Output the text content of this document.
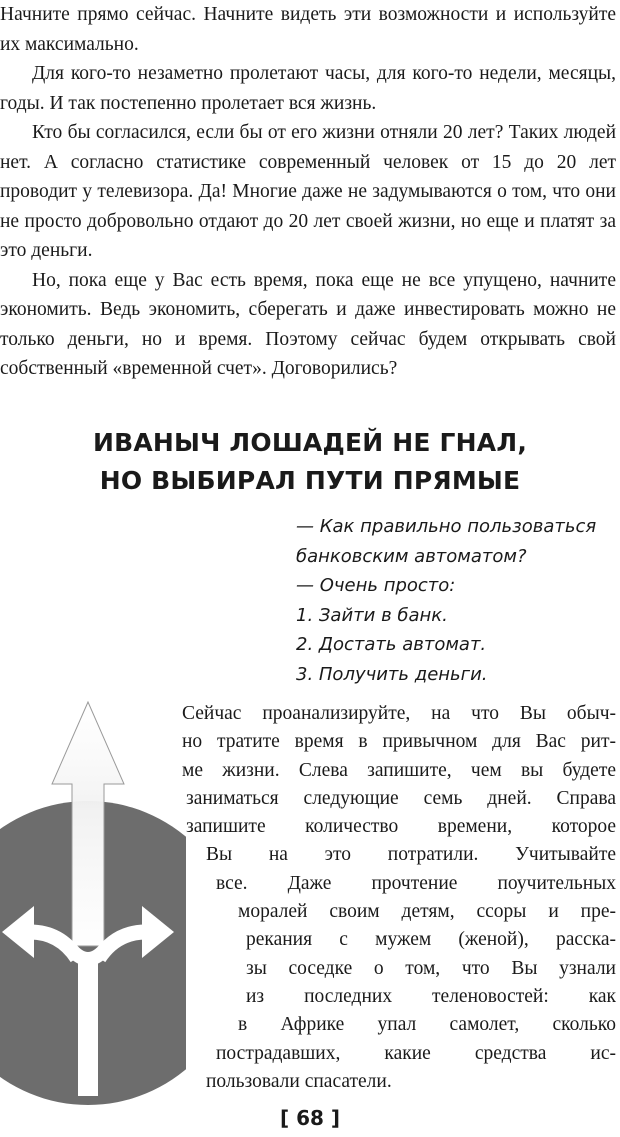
Начните прямо сейчас. Начните видеть эти возможности и используйте их максимально.

Для кого-то незаметно пролетают часы, для кого-то недели, месяцы, годы. И так постепенно пролетает вся жизнь.

Кто бы согласился, если бы от его жизни отняли 20 лет? Таких людей нет. А согласно статистике современный человек от 15 до 20 лет проводит у телевизора. Да! Многие даже не задумываются о том, что они не просто добровольно отдают до 20 лет своей жизни, но еще и платят за это деньги.

Но, пока еще у Вас есть время, пока еще не все упущено, начните экономить. Ведь экономить, сберегать и даже инвестировать можно не только деньги, но и время. Поэтому сейчас будем открывать свой собственный «временной счет». Договорились?

ИВАНЫЧ ЛОШАДЕЙ НЕ ГНАЛ,
НО ВЫБИРАЛ ПУТИ ПРЯМЫЕ
— Как правильно пользоваться
банковским автоматом?
— Очень просто:
1. Зайти в банк.
2. Достать автомат.
3. Получить деньги.
Сейчас проанализируйте, на что Вы обыч-
но тратите время в привычном для Вас рит-
ме жизни. Слева запишите, чем вы будете
заниматься следующие семь дней. Справа
запишите количество времени, которое
Вы на это потратили. Учитывайте
все. Даже прочтение поучительных
моралей своим детям, ссоры и пре-
рекания с мужем (женой), расска-
зы соседке о том, что Вы узнали
из последних теленовостей: как
в Африке упал самолет, сколько
пострадавших, какие средства ис-
пользовали спасатели.
[ 68 ]
